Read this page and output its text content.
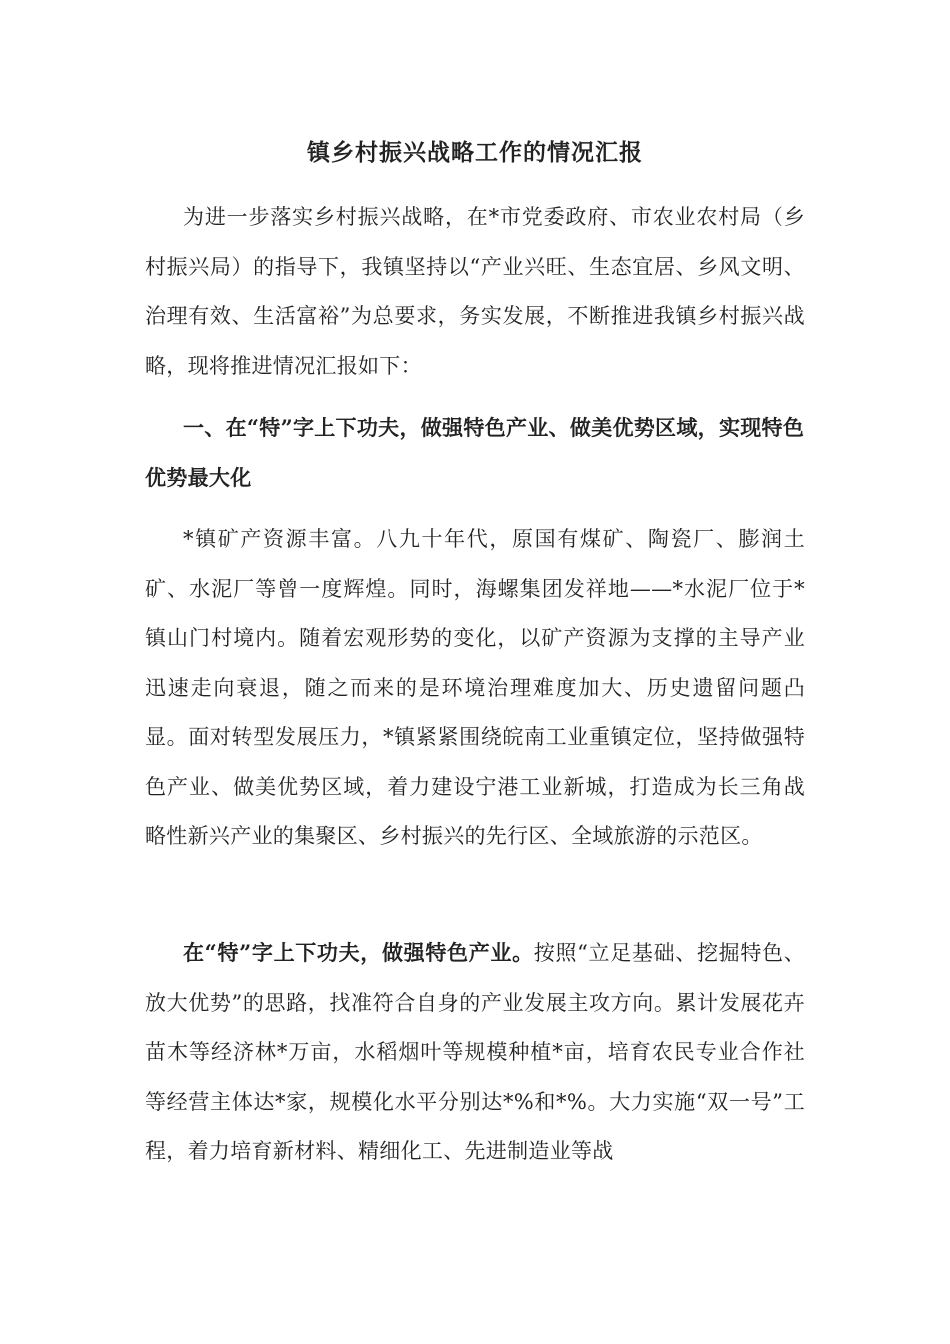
镇乡村振兴战略工作的情况汇报
为进一步落实乡村振兴战略，在*市党委政府、市农业农村局（乡村振兴局）的指导下，我镇坚持以“产业兴旺、生态宜居、乡风文明、治理有效、生活富裕”为总要求，务实发展，不断推进我镇乡村振兴战略，现将推进情况汇报如下：
一、在“特”字上下功夫，做强特色产业、做美优势区域，实现特色优势最大化
*镇矿产资源丰富。八九十年代，原国有煤矿、陶瓷厂、膨润土矿、水泥厂等曾一度辉煌。同时，海螺集团发祥地——*水泥厂位于*镇山门村境内。随着宏观形势的变化，以矿产资源为支撑的主导产业迅速走向衰退，随之而来的是环境治理难度加大、历史遗留问题凸显。面对转型发展压力，*镇紧紧围绕皖南工业重镇定位，坚持做强特色产业、做美优势区域，着力建设宁港工业新城，打造成为长三角战略性新兴产业的集聚区、乡村振兴的先行区、全域旅游的示范区。
在“特”字上下功夫，做强特色产业。按照“立足基础、挖掘特色、放大优势”的思路，找准符合自身的产业发展主攻方向。累计发展花卉苗木等经济林*万亩，水稻烟叶等规模种植*亩，培育农民专业合作社等经营主体达*家，规模化水平分别达*%和*%。大力实施“双一号”工程，着力培育新材料、精细化工、先进制造业等战
